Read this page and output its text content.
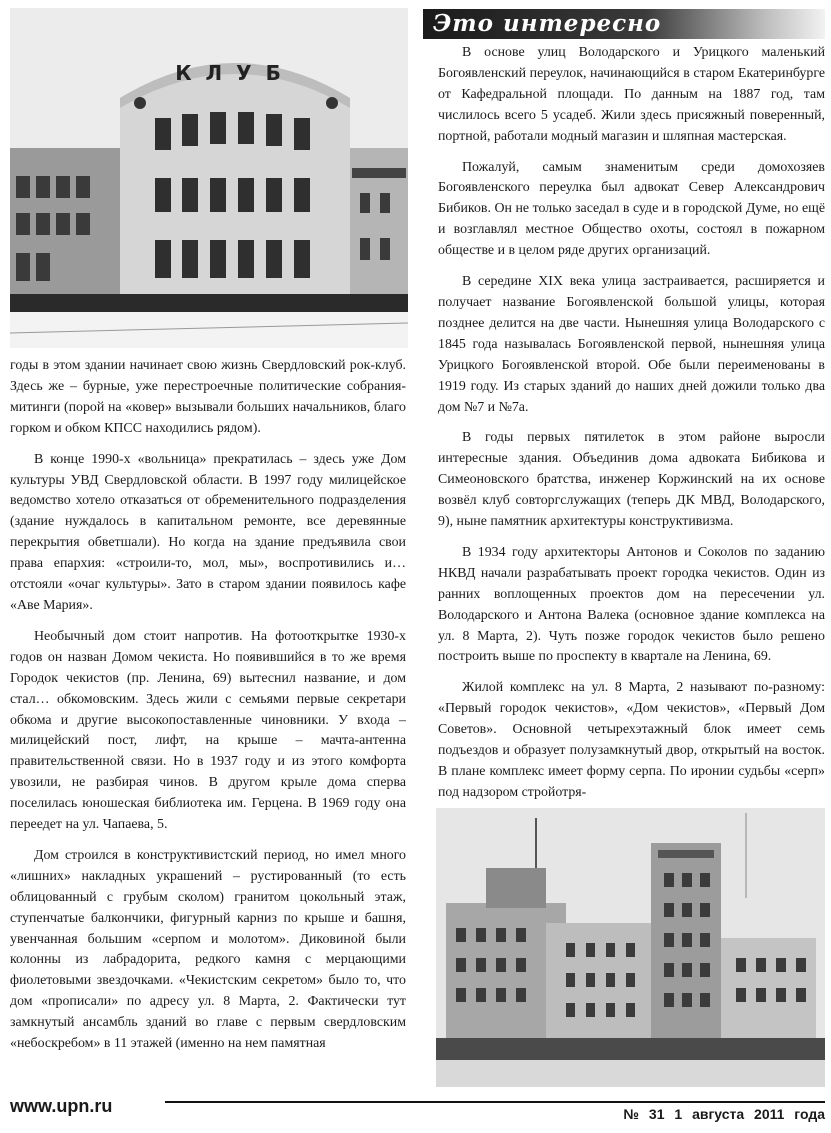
КЛУБ
Это интересно

годы в этом здании начинает свою жизнь Свердловский рок-клуб. Здесь же – бурные, уже перестроечные политические собрания-митинги (порой на «ковер» вызывали больших начальников, благо горком и обком КПСС находились рядом).

В конце 1990-х «вольница» прекратилась – здесь уже Дом культуры УВД Свердловской области. В 1997 году милицейское ведомство хотело отказаться от обременительного подразделения (здание нуждалось в капитальном ремонте, все деревянные перекрытия обветшали). Но когда на здание предъявила свои права епархия: «строили-то, мол, мы», воспротивились и… отстояли «очаг культуры». Зато в старом здании появилось кафе «Аве Мария».

Необычный дом стоит напротив. На фотооткрытке 1930-х годов он назван Домом чекиста. Но появившийся в то же время Городок чекистов (пр. Ленина, 69) вытеснил название, и дом стал… обкомовским. Здесь жили с семьями первые секретари обкома и другие высокопоставленные чиновники. У входа – милицейский пост, лифт, на крыше – мачта-антенна правительственной связи. Но в 1937 году и из этого комфорта увозили, не разбирая чинов. В другом крыле дома сперва поселилась юношеская библиотека им. Герцена. В 1969 году она переедет на ул. Чапаева, 5.

Дом строился в конструктивистский период, но имел много «лишних» накладных украшений – рустированный (то есть облицованный с грубым сколом) гранитом цокольный этаж, ступенчатые балкончики, фигурный карниз по крыше и башня, увенчанная большим «серпом и молотом». Диковиной были колонны из лабрадорита, редкого камня с мерцающими фиолетовыми звездочками. «Чекистским секретом» было то, что дом «прописали» по адресу ул. 8 Марта, 2. Фактически тут замкнутый ансамбль зданий во главе с первым свердловским «небоскребом» в 11 этажей (именно на нем памятная

В основе улиц Володарского и Урицкого маленький Богоявленский переулок, начинающийся в старом Екатеринбурге от Кафедральной площади. По данным на 1887 год, там числилось всего 5 усадеб. Жили здесь присяжный поверенный, портной, работали модный магазин и шляпная мастерская.

Пожалуй, самым знаменитым среди домохозяев Богоявленского переулка был адвокат Север Александрович Бибиков. Он не только заседал в суде и в городской Думе, но ещё и возглавлял местное Общество охоты, состоял в пожарном обществе и в целом ряде других организаций.

В середине XIX века улица застраивается, расширяется и получает название Богоявленской большой улицы, которая позднее делится на две части. Нынешняя улица Володарского с 1845 года называлась Богоявленской первой, нынешняя улица Урицкого Богоявленской второй. Обе были переименованы в 1919 году. Из старых зданий до наших дней дожили только два дом №7 и №7а.

В годы первых пятилеток в этом районе выросли интересные здания. Объединив дома адвоката Бибикова и Симеоновского братства, инженер Коржинский на их основе возвёл клуб совторгслужащих (теперь ДК МВД, Володарского, 9), ныне памятник архитектуры конструктивизма.

В 1934 году архитекторы Антонов и Соколов по заданию НКВД начали разрабатывать проект городка чекистов. Один из ранних воплощенных проектов дом на пересечении ул. Володарского и Антона Валека (основное здание комплекса на ул. 8 Марта, 2). Чуть позже городок чекистов было решено построить выше по проспекту в квартале на Ленина, 69.

Жилой комплекс на ул. 8 Марта, 2 называют по-разному: «Первый городок чекистов», «Дом чекистов», «Первый Дом Советов». Основной четырехэтажный блок имеет семь подъездов и образует полузамкнутый двор, открытый на восток. В плане комплекс имеет форму серпа. По иронии судьбы «серп» под надзором стройотря-

www.upn.ru	№ 31 1 августа 2011 года
